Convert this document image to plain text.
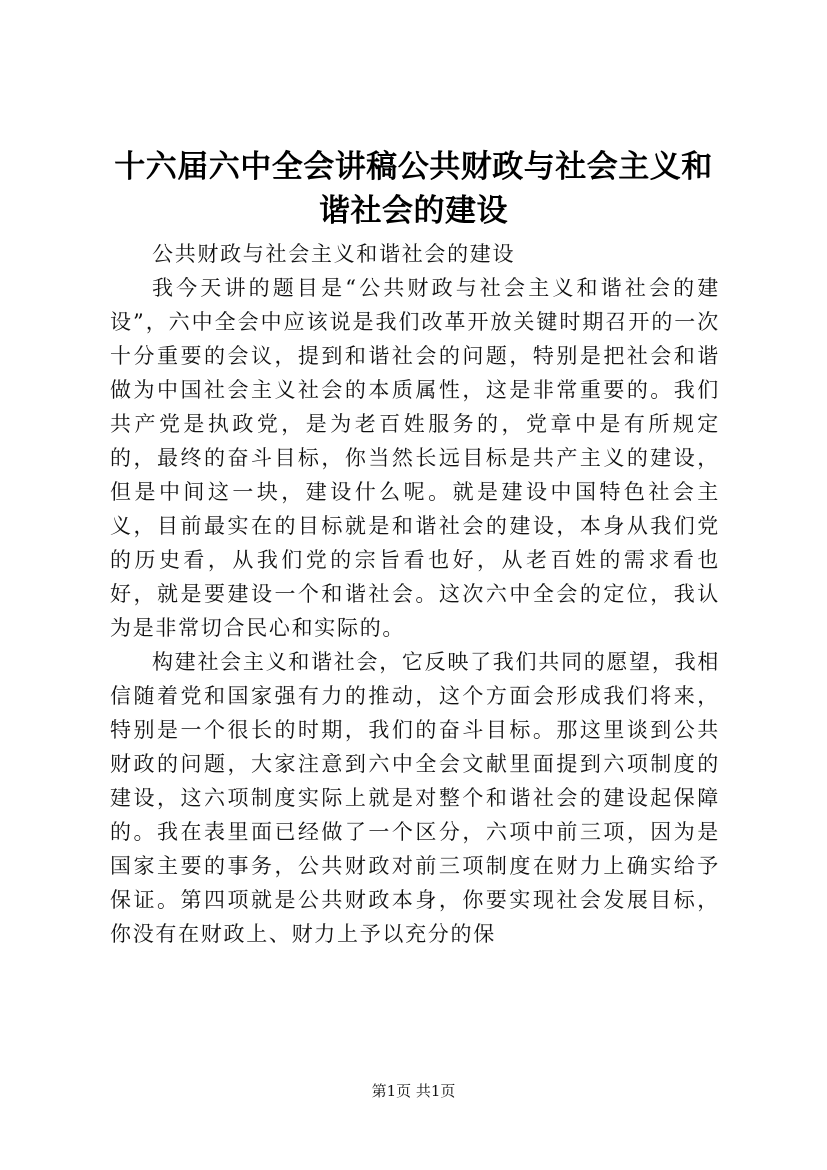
十六届六中全会讲稿公共财政与社会主义和谐社会的建设

公共财政与社会主义和谐社会的建设

我今天讲的题目是“公共财政与社会主义和谐社会的建设”，六中全会中应该说是我们改革开放关键时期召开的一次十分重要的会议，提到和谐社会的问题，特别是把社会和谐做为中国社会主义社会的本质属性，这是非常重要的。我们共产党是执政党，是为老百姓服务的，党章中是有所规定的，最终的奋斗目标，你当然长远目标是共产主义的建设，但是中间这一块，建设什么呢。就是建设中国特色社会主义，目前最实在的目标就是和谐社会的建设，本身从我们党的历史看，从我们党的宗旨看也好，从老百姓的需求看也好，就是要建设一个和谐社会。这次六中全会的定位，我认为是非常切合民心和实际的。

构建社会主义和谐社会，它反映了我们共同的愿望，我相信随着党和国家强有力的推动，这个方面会形成我们将来，特别是一个很长的时期，我们的奋斗目标。那这里谈到公共财政的问题，大家注意到六中全会文献里面提到六项制度的建设，这六项制度实际上就是对整个和谐社会的建设起保障的。我在表里面已经做了一个区分，六项中前三项，因为是国家主要的事务，公共财政对前三项制度在财力上确实给予保证。第四项就是公共财政本身，你要实现社会发展目标，你没有在财政上、财力上予以充分的保

第1页 共1页
